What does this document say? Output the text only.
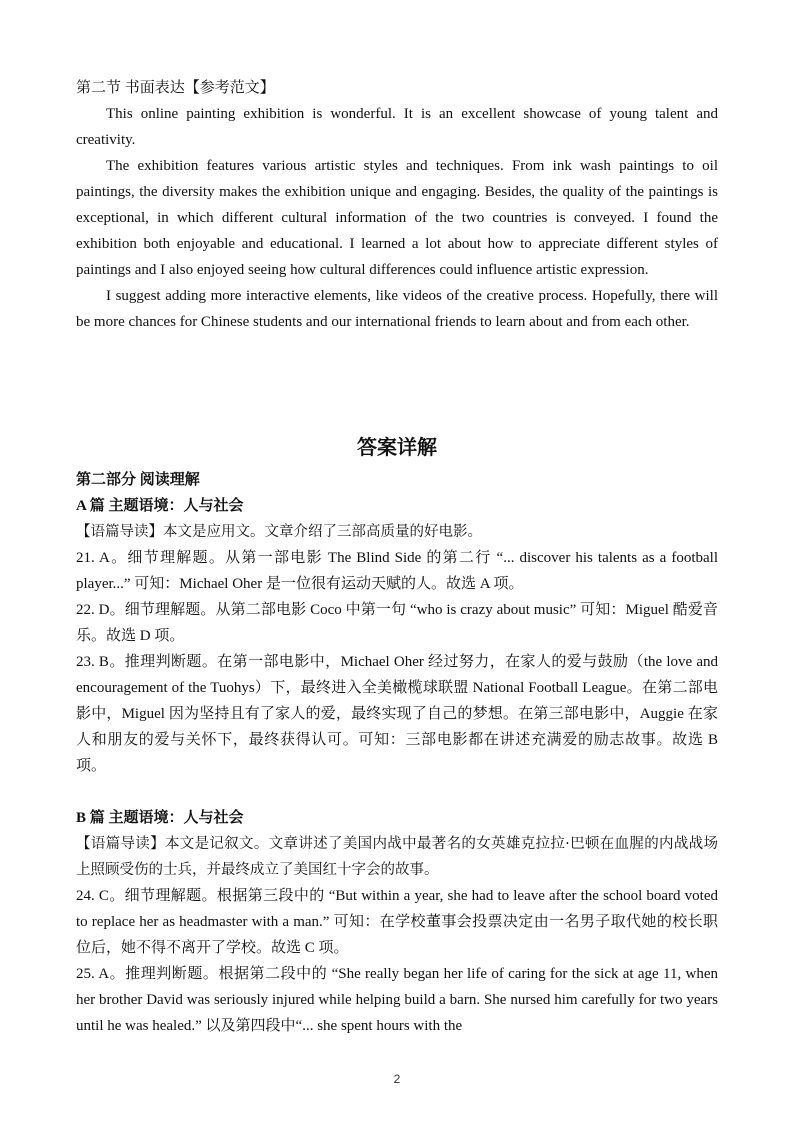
第二节 书面表达【参考范文】

This online painting exhibition is wonderful. It is an excellent showcase of young talent and creativity.

The exhibition features various artistic styles and techniques. From ink wash paintings to oil paintings, the diversity makes the exhibition unique and engaging. Besides, the quality of the paintings is exceptional, in which different cultural information of the two countries is conveyed. I found the exhibition both enjoyable and educational. I learned a lot about how to appreciate different styles of paintings and I also enjoyed seeing how cultural differences could influence artistic expression.

I suggest adding more interactive elements, like videos of the creative process. Hopefully, there will be more chances for Chinese students and our international friends to learn about and from each other.

答案详解

第二部分 阅读理解

A 篇 主题语境：人与社会

【语篇导读】本文是应用文。文章介绍了三部高质量的好电影。

21. A。细节理解题。从第一部电影 The Blind Side 的第二行 “... discover his talents as a football player...” 可知：Michael Oher 是一位很有运动天赋的人。故选 A 项。

22. D。细节理解题。从第二部电影 Coco 中第一句 “who is crazy about music” 可知：Miguel 酷爱音乐。故选 D 项。

23. B。推理判断题。在第一部电影中，Michael Oher 经过努力，在家人的爱与鼓励（the love and encouragement of the Tuohys）下，最终进入全美橄榄球联盟 National Football League。在第二部电影中，Miguel 因为坚持且有了家人的爱，最终实现了自己的梦想。在第三部电影中，Auggie 在家人和朋友的爱与关怀下，最终获得认可。可知：三部电影都在讲述充满爱的励志故事。故选 B 项。

B 篇 主题语境：人与社会

【语篇导读】本文是记叙文。文章讲述了美国内战中最著名的女英雄克拉拉·巴顿在血腥的内战战场上照顾受伤的士兵，并最终成立了美国红十字会的故事。

24. C。细节理解题。根据第三段中的 “But within a year, she had to leave after the school board voted to replace her as headmaster with a man.” 可知：在学校董事会投票决定由一名男子取代她的校长职位后，她不得不离开了学校。故选 C 项。

25. A。推理判断题。根据第二段中的 “She really began her life of caring for the sick at age 11, when her brother David was seriously injured while helping build a barn. She nursed him carefully for two years until he was healed.” 以及第四段中“... she spent hours with the

2
